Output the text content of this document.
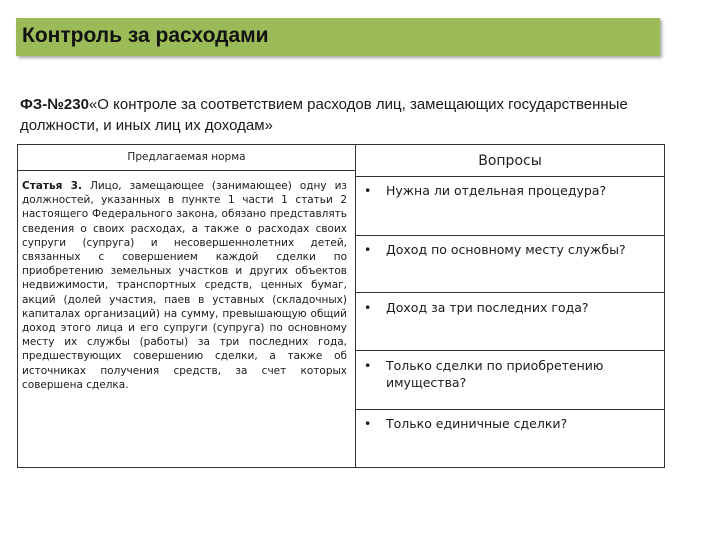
Контроль за расходами
ФЗ-№230«О контроле за соответствием расходов лиц, замещающих государственные должности, и иных лиц их доходам»
Предлагаемая норма	Вопросы
Статья 3. Лицо, замещающее (занимающее) одну из должностей, указанных в пункте 1 части 1 статьи 2 настоящего Федерального закона, обязано представлять сведения о своих расходах, а также о расходах своих супруги (супруга) и несовершеннолетних детей, связанных с совершением каждой сделки по приобретению земельных участков и других объектов недвижимости, транспортных средств, ценных бумаг, акций (долей участия, паев в уставных (складочных) капиталах организаций) на сумму, превышающую общий доход этого лица и его супруги (супруга) по основному месту их службы (работы) за три последних года, предшествующих совершению сделки, а также об источниках получения средств, за счет которых совершена сделка.
• Нужна ли отдельная процедура?
• Доход по основному месту службы?
• Доход за три последних года?
• Только сделки по приобретению имущества?
• Только единичные сделки?
